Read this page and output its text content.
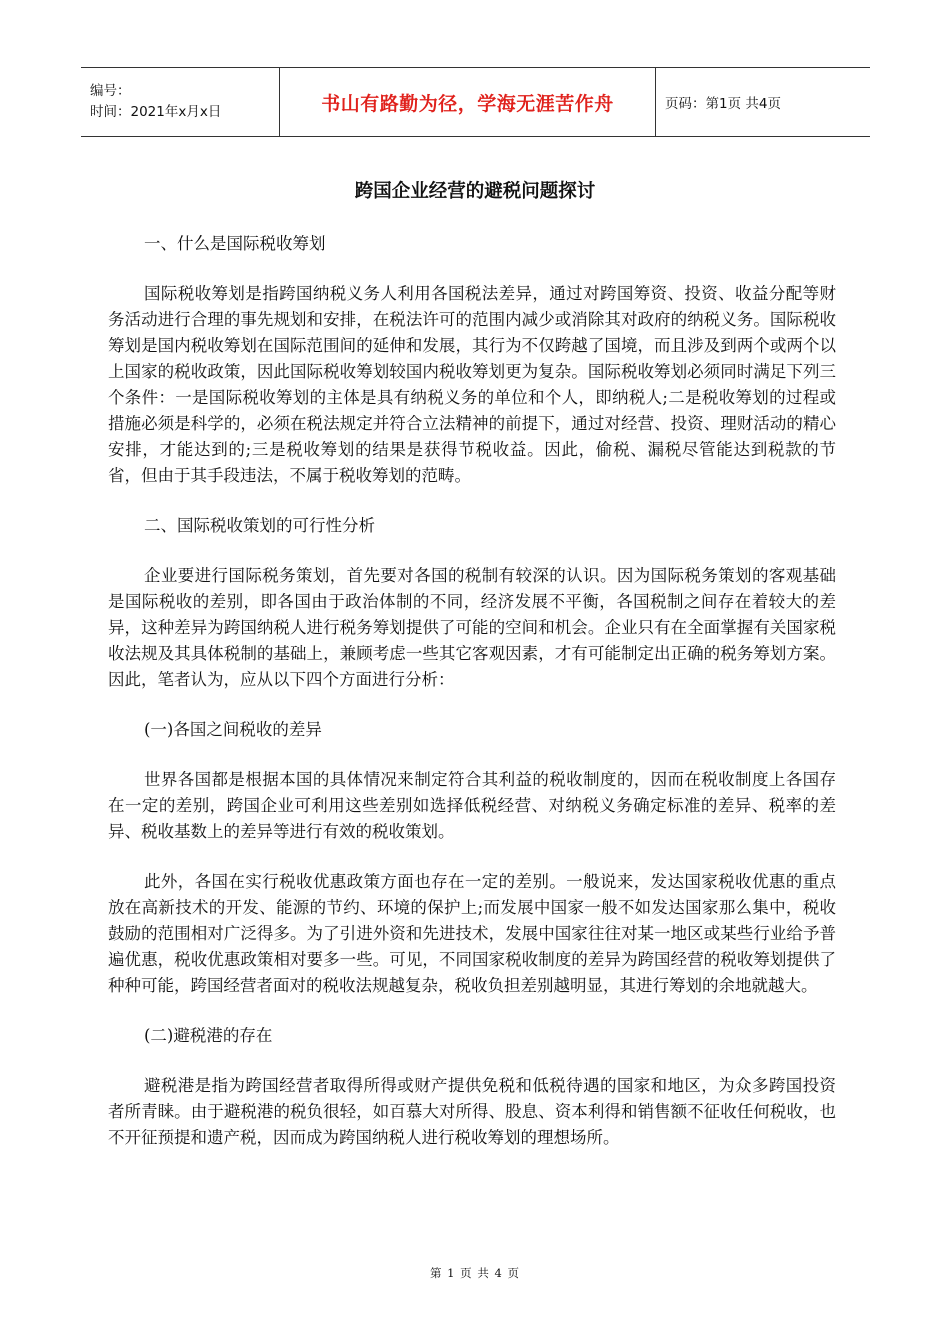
编号：
时间：2021年x月x日	书山有路勤为径，学海无涯苦作舟	页码：第1页 共4页
跨国企业经营的避税问题探讨
一、什么是国际税收筹划
国际税收筹划是指跨国纳税义务人利用各国税法差异，通过对跨国筹资、投资、收益分配等财务活动进行合理的事先规划和安排，在税法许可的范围内减少或消除其对政府的纳税义务。国际税收筹划是国内税收筹划在国际范围间的延伸和发展，其行为不仅跨越了国境，而且涉及到两个或两个以上国家的税收政策，因此国际税收筹划较国内税收筹划更为复杂。国际税收筹划必须同时满足下列三个条件：一是国际税收筹划的主体是具有纳税义务的单位和个人，即纳税人;二是税收筹划的过程或措施必须是科学的，必须在税法规定并符合立法精神的前提下，通过对经营、投资、理财活动的精心安排，才能达到的;三是税收筹划的结果是获得节税收益。因此，偷税、漏税尽管能达到税款的节省，但由于其手段违法，不属于税收筹划的范畴。
二、国际税收策划的可行性分析
企业要进行国际税务策划，首先要对各国的税制有较深的认识。因为国际税务策划的客观基础是国际税收的差别，即各国由于政治体制的不同，经济发展不平衡，各国税制之间存在着较大的差异，这种差异为跨国纳税人进行税务筹划提供了可能的空间和机会。企业只有在全面掌握有关国家税收法规及其具体税制的基础上，兼顾考虑一些其它客观因素，才有可能制定出正确的税务筹划方案。因此，笔者认为，应从以下四个方面进行分析：
(一)各国之间税收的差异
世界各国都是根据本国的具体情况来制定符合其利益的税收制度的，因而在税收制度上各国存在一定的差别，跨国企业可利用这些差别如选择低税经营、对纳税义务确定标准的差异、税率的差异、税收基数上的差异等进行有效的税收策划。
此外，各国在实行税收优惠政策方面也存在一定的差别。一般说来，发达国家税收优惠的重点放在高新技术的开发、能源的节约、环境的保护上;而发展中国家一般不如发达国家那么集中，税收鼓励的范围相对广泛得多。为了引进外资和先进技术，发展中国家往往对某一地区或某些行业给予普遍优惠，税收优惠政策相对要多一些。可见，不同国家税收制度的差异为跨国经营的税收筹划提供了种种可能，跨国经营者面对的税收法规越复杂，税收负担差别越明显，其进行筹划的余地就越大。
(二)避税港的存在
避税港是指为跨国经营者取得所得或财产提供免税和低税待遇的国家和地区，为众多跨国投资者所青睐。由于避税港的税负很轻，如百慕大对所得、股息、资本利得和销售额不征收任何税收，也不开征预提和遗产税，因而成为跨国纳税人进行税收筹划的理想场所。
第 1 页 共 4 页
